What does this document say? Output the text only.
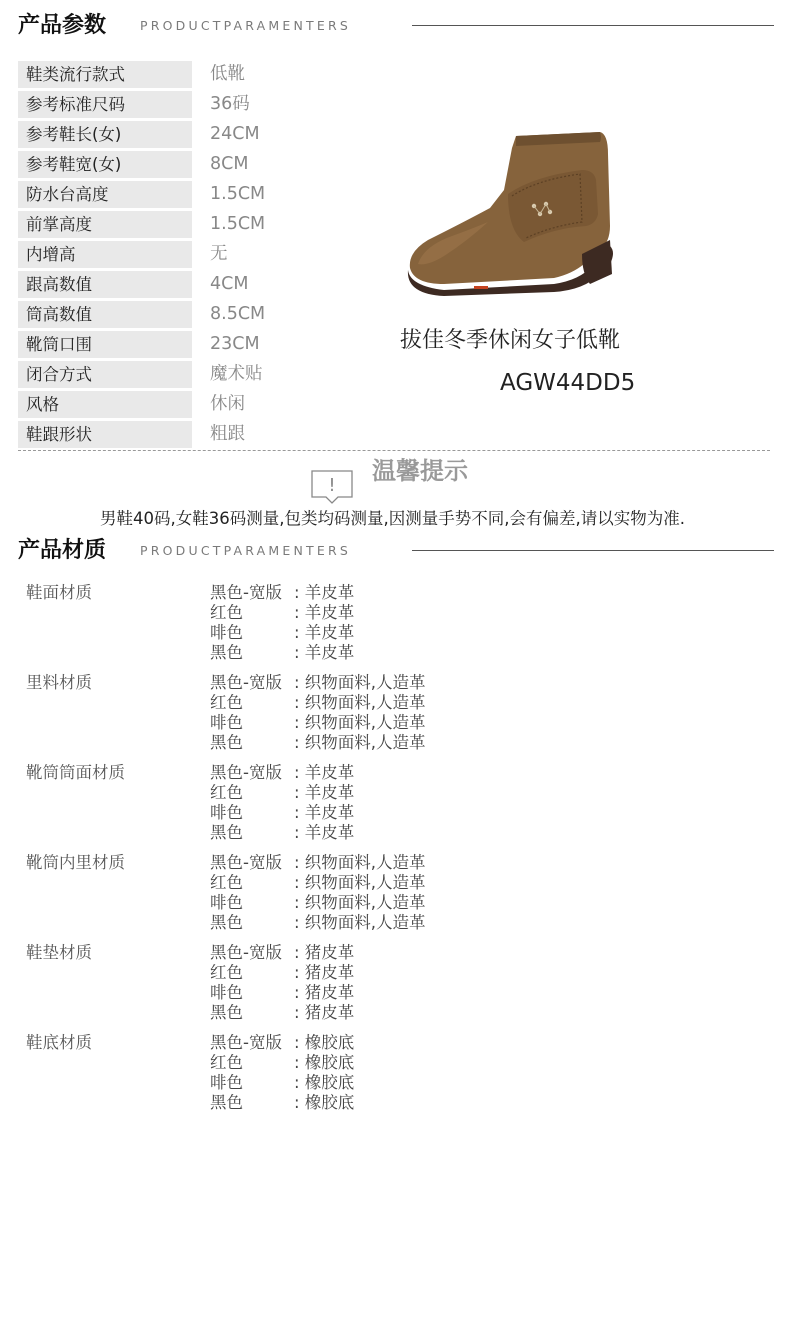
产品参数	PRODUCTPARAMENTERS
鞋类流行款式	低靴
参考标准尺码	36码
参考鞋长(女)	24CM
参考鞋宽(女)	8CM
防水台高度	1.5CM
前掌高度	1.5CM
内增高	无
跟高数值	4CM
筒高数值	8.5CM
靴筒口围	23CM
闭合方式	魔术贴
风格	休闲
鞋跟形状	粗跟
拔佳冬季休闲女子低靴
AGW44DD5
!
温馨提示
男鞋40码,女鞋36码测量,包类均码测量,因测量手势不同,会有偏差,请以实物为准.
产品材质	PRODUCTPARAMENTERS
鞋面材质	黑色-宽版 : 羊皮革
红色	: 羊皮革
啡色	: 羊皮革
黑色	: 羊皮革
里料材质	黑色-宽版 : 织物面料,人造革
红色	: 织物面料,人造革
啡色	: 织物面料,人造革
黑色	: 织物面料,人造革
靴筒筒面材质	黑色-宽版 : 羊皮革
红色	: 羊皮革
啡色	: 羊皮革
黑色	: 羊皮革
靴筒内里材质	黑色-宽版 : 织物面料,人造革
红色	: 织物面料,人造革
啡色	: 织物面料,人造革
黑色	: 织物面料,人造革
鞋垫材质	黑色-宽版 : 猪皮革
红色	: 猪皮革
啡色	: 猪皮革
黑色	: 猪皮革
鞋底材质	黑色-宽版 : 橡胶底
红色	: 橡胶底
啡色	: 橡胶底
黑色	: 橡胶底
